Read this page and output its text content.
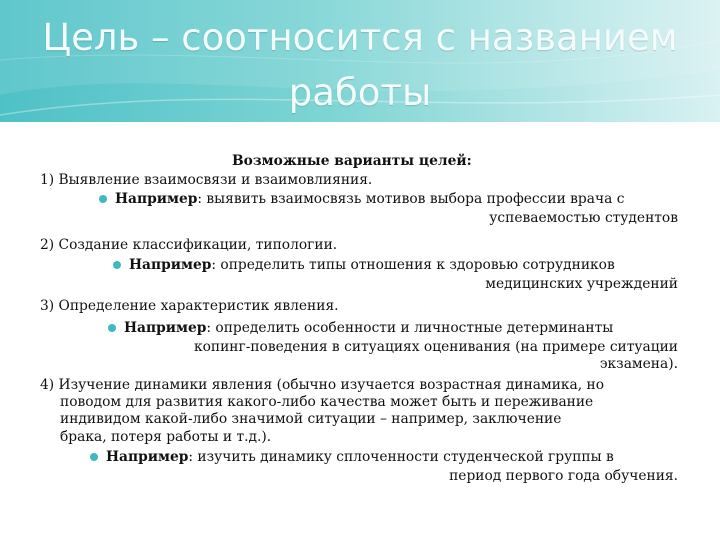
Цель – соотносится с названием
работы
Возможные варианты целей:
1) Выявление взаимосвязи и взаимовлияния.
Например: выявить взаимосвязь мотивов выбора профессии врача с
успеваемостью студентов
2) Создание классификации, типологии.
Например: определить типы отношения к здоровью сотрудников
медицинских учреждений
3) Определение характеристик явления.
Например: определить особенности и личностные детерминанты
копинг-поведения в ситуациях оценивания (на примере ситуации
экзамена).
4) Изучение динамики явления (обычно изучается возрастная динамика, но
поводом для развития какого-либо качества может быть и переживание
индивидом какой-либо значимой ситуации – например, заключение
брака, потеря работы и т.д.).
Например: изучить динамику сплоченности студенческой группы в
период первого года обучения.
